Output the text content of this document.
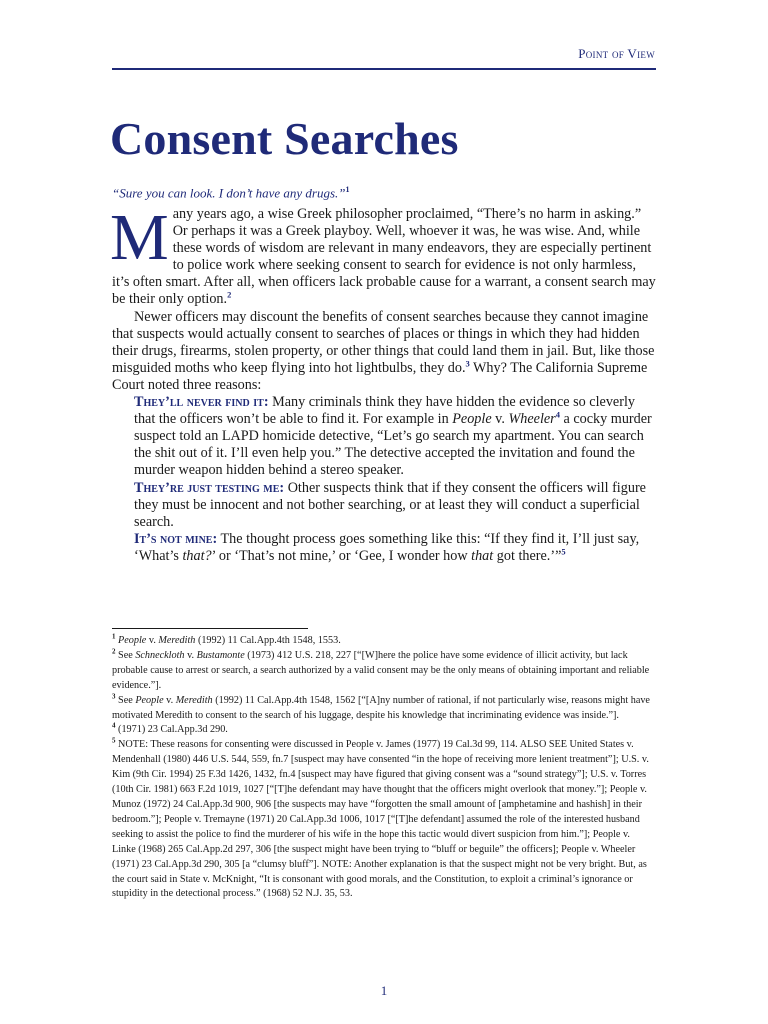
Point of View
Consent Searches
“Sure you can look. I don’t have any drugs.”$^1$

Many years ago, a wise Greek philosopher proclaimed, “There’s no harm in asking.” Or perhaps it was a Greek playboy. Well, whoever it was, he was wise. And, while these words of wisdom are relevant in many endeavors, they are especially pertinent to police work where seeking consent to search for evidence is not only harmless, it’s often smart. After all, when officers lack probable cause for a warrant, a consent search may be their only option.$^2$

Newer officers may discount the benefits of consent searches because they cannot imagine that suspects would actually consent to searches of places or things in which they had hidden their drugs, firearms, stolen property, or other things that could land them in jail. But, like those misguided moths who keep flying into hot lightbulbs, they do.$^3$ Why? The California Supreme Court noted three reasons:

They’ll never find it: Many criminals think they have hidden the evidence so cleverly that the officers won’t be able to find it. For example in People v. Wheeler$^4$ a cocky murder suspect told an LAPD homicide detective, “Let’s go search my apartment. You can search the shit out of it. I’ll even help you.” The detective accepted the invitation and found the murder weapon hidden behind a stereo speaker.

They’re just testing me: Other suspects think that if they consent the officers will figure they must be innocent and not bother searching, or at least they will conduct a superficial search.

It’s not mine: The thought process goes something like this: “If they find it, I’ll just say, ‘What’s that?’ or ‘That’s not mine,’ or ‘Gee, I wonder how that got there.’”$^5$

$^1$ People v. Meredith (1992) 11 Cal.App.4th 1548, 1553.

$^2$ See Schneckloth v. Bustamonte (1973) 412 U.S. 218, 227 [“[W]here the police have some evidence of illicit activity, but lack probable cause to arrest or search, a search authorized by a valid consent may be the only means of obtaining important and reliable evidence.”].

$^3$ See People v. Meredith (1992) 11 Cal.App.4th 1548, 1562 [“[A]ny number of rational, if not particularly wise, reasons might have motivated Meredith to consent to the search of his luggage, despite his knowledge that incriminating evidence was inside.”].

$^4$ (1971) 23 Cal.App.3d 290.

$^5$ NOTE: These reasons for consenting were discussed in People v. James (1977) 19 Cal.3d 99, 114. ALSO SEE United States v. Mendenhall (1980) 446 U.S. 544, 559, fn.7 [suspect may have consented “in the hope of receiving more lenient treatment”]; U.S. v. Kim (9th Cir. 1994) 25 F.3d 1426, 1432, fn.4 [suspect may have figured that giving consent was a “sound strategy”]; U.S. v. Torres (10th Cir. 1981) 663 F.2d 1019, 1027 [“[T]he defendant may have thought that the officers might overlook that money.”]; People v. Munoz (1972) 24 Cal.App.3d 900, 906 [the suspects may have “forgotten the small amount of [amphetamine and hashish] in their bedroom.”]; People v. Tremayne (1971) 20 Cal.App.3d 1006, 1017 [“[T]he defendant] assumed the role of the interested husband seeking to assist the police to find the murderer of his wife in the hope this tactic would divert suspicion from him.”]; People v. Linke (1968) 265 Cal.App.2d 297, 306 [the suspect might have been trying to “bluff or beguile” the officers]; People v. Wheeler (1971) 23 Cal.App.3d 290, 305 [a “clumsy bluff”]. NOTE: Another explanation is that the suspect might not be very bright. But, as the court said in State v. McKnight, “It is consonant with good morals, and the Constitution, to exploit a criminal’s ignorance or stupidity in the detectional process.” (1968) 52 N.J. 35, 53.

1
